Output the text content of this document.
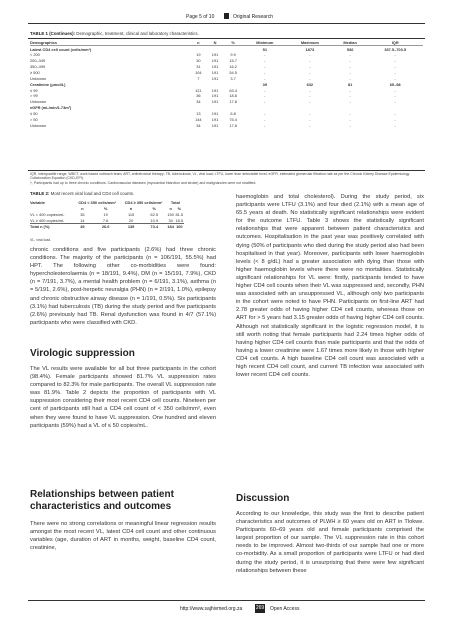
Page 5 of 10	Original Research
TABLE 1 (Continues): Demographic, treatment, clinical and laboratory characteristics.
Demographics	n	N	%	Minimum	Maximum	Median	IQR
Latest CD4 cell count (cells/mm³)				51	1873	536	337.5–703.5
< 200	19	191	9.9	-	-	-	-
200–349	30	191	15.7	-	-	-	-
350–499	31	191	16.2	-	-	-	-
≥ 500	104	191	54.5	-	-	-	-
Unknown	7	191	3.7	-	-	-	-
Creatinine (μmol/L)				39	632	81	65–98
≤ 99	121	191	63.4	-	-	-	-
> 99	36	191	18.8	-	-	-	-
Unknown	34	191	17.8	-	-	-	-
eGFR (mL/min/1.73m²)							
≤ 50	13	191	6.8	-	-	-	-
> 50	144	191	75.4	-	-	-	-
Unknown	34	191	17.8	-	-	-	-
IQR, interquartile range; WBCT, work based outreach team; ART, antiretroviral therapy; TB, tuberculosis; VL, viral load; LTFU, lower than detectable level; eGFR, estimated glomerular filtration rate as per the Chronic Kidney Disease Epidemiology Collaboration Equation (CKD-EPI).
†, Participants had up to three chronic conditions. Cardiovascular diseases (myocardial infarction and stroke) and malignancies were not stratified.
TABLE 2: Most recent viral load and CD4 cell counts.
Variable	CD4 < 350 cells/mm³		CD4 ≥ 350 cells/mm³		Total	
	n	%	n	%	n	%
VL < 400 copies/mL	35	19	115	62.5	150	81.5
VL ≥ 400 copies/mL	14	7.6	20	10.9	34	18.5
Total n (%)	49	26.6	135	73.4	184	100
VL, viral load.

chronic conditions and five participants (2.6%) had three chronic conditions. The majority of the participants (n = 106/191, 55.5%) had HPT. The following other co-morbidities were found: hypercholesterolaemia (n = 18/191, 9.4%), DM (n = 15/191, 7.9%), CKD (n = 7/191, 3.7%), a mental health problem (n = 6/191, 3.1%), asthma (n = 5/191, 2.6%), post-herpetic neuralgia (PHN) (n = 2/191, 1.0%), epilepsy and chronic obstructive airway disease (n = 1/191, 0.5%). Six participants (3.1%) had tuberculosis (TB) during the study period and five participants (2.6%) previously had TB. Renal dysfunction was found in 4/7 (57.1%) participants who were classified with CKD.

Virologic suppression

The VL results were available for all but three participants in the cohort (98.4%). Female participants showed 81.7% VL suppression rates compared to 82.3% for male participants. The overall VL suppression rate was 81.9%. Table 2 depicts the proportion of participants with VL suppression considering their most recent CD4 cell counts. Nineteen per cent of participants still had a CD4 cell count of < 350 cells/mm³, even when they were found to have VL suppression. One hundred and eleven participants (59%) had a VL of ≤ 50 copies/mL.

Relationships between patient characteristics and outcomes

There were no strong correlations or meaningful linear regression results amongst the most recent VL, latest CD4 cell count and other continuous variables (age, duration of ART in months, weight, baseline CD4 count, creatinine,

haemoglobin and total cholesterol). During the study period, six participants were LTFU (3.1%) and four died (2.1%) with a mean age of 65.5 years at death. No statistically significant relationships were evident for the outcome LTFU. Table 3 shows the statistically significant relationships that were apparent between patient characteristics and outcomes. Hospitalisation in the past year was positively correlated with dying (50% of participants who died during the study period also had been hospitalised in that year). Moreover, participants with lower haemoglobin levels (< 8 g/dL) had a greater association with dying than those with higher haemoglobin levels where there were no mortalities. Statistically significant relationships for VL were: firstly, participants tended to have higher CD4 cell counts when their VL was suppressed and, secondly, PHN was associated with an unsuppressed VL, although only two participants in the cohort were noted to have PHN. Participants on first-line ART had 2.78 greater odds of having higher CD4 cell counts, whereas those on ART for > 5 years had 3.15 greater odds of having higher CD4 cell counts. Although not statistically significant in the logistic regression model, it is still worth noting that female participants had 2.24 times higher odds of having higher CD4 cell counts than male participants and that the odds of having a lower creatinine were 1.67 times more likely in those with higher CD4 cell counts. A high baseline CD4 cell count was associated with a high recent CD4 cell count, and current TB infection was associated with lower recent CD4 cell counts.

Discussion

According to our knowledge, this study was the first to describe patient characteristics and outcomes of PLWH ≥ 60 years old on ART in Tlokwe. Participants 60–69 years old and female participants comprised the largest proportion of our sample. The VL suppression rate in this cohort needs to be improved. Almost two-thirds of our sample had one or more co-morbidity. As a small proportion of participants were LTFU or had died during the study period, it is unsurprising that there were few significant relationships between these

http://www.sajhivmed.org.za	269 Open Access
